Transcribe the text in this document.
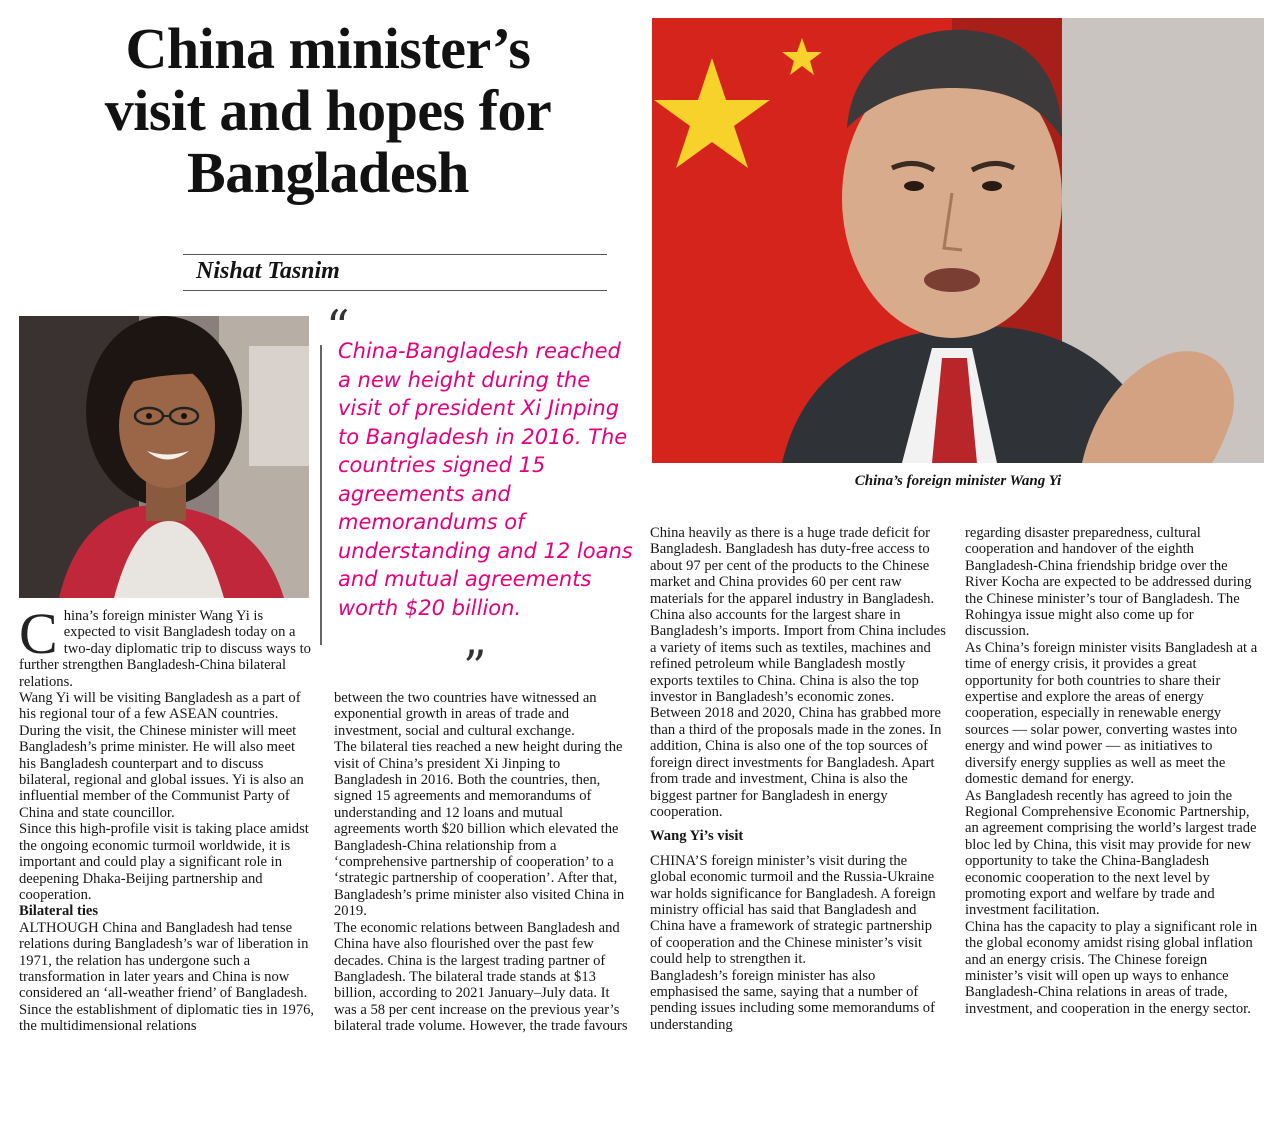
China minister’s
visit and hopes for
Bangladesh
Nishat Tasnim
China’s foreign minister Wang Yi
“
China-Bangladesh reached a new height during the visit of president Xi Jinping to Bangladesh in 2016. The countries signed 15 agreements and memorandums of understanding and 12 loans and mutual agreements worth $20 billion.
”

China’s foreign minister Wang Yi is expected to visit Bangladesh today on a two-day diplomatic trip to discuss ways to further strengthen Bangladesh-China bilateral relations.

Wang Yi will be visiting Bangladesh as a part of his regional tour of a few ASEAN countries. During the visit, the Chinese minister will meet Bangladesh’s prime minister. He will also meet his Bangladesh counterpart and to discuss bilateral, regional and global issues. Yi is also an influential member of the Communist Party of China and state councillor.

Since this high-profile visit is taking place amidst the ongoing economic turmoil worldwide, it is important and could play a significant role in deepening Dhaka-Beijing partnership and cooperation.

Bilateral ties

ALTHOUGH China and Bangladesh had tense relations during Bangladesh’s war of liberation in 1971, the relation has undergone such a transformation in later years and China is now considered an ‘all-weather friend’ of Bangladesh. Since the establishment of diplomatic ties in 1976, the multidimensional relations

between the two countries have witnessed an exponential growth in areas of trade and investment, social and cultural exchange.

The bilateral ties reached a new height during the visit of China’s president Xi Jinping to Bangladesh in 2016. Both the countries, then, signed 15 agreements and memorandums of understanding and 12 loans and mutual agreements worth $20 billion which elevated the Bangladesh-China relationship from a ‘comprehensive partnership of cooperation’ to a ‘strategic partnership of cooperation’. After that, Bangladesh’s prime minister also visited China in 2019.

The economic relations between Bangladesh and China have also flourished over the past few decades. China is the largest trading partner of Bangladesh. The bilateral trade stands at $13 billion, according to 2021 January–July data. It was a 58 per cent increase on the previous year’s bilateral trade volume. However, the trade favours

China heavily as there is a huge trade deficit for Bangladesh. Bangladesh has duty-free access to about 97 per cent of the products to the Chinese market and China provides 60 per cent raw materials for the apparel industry in Bangladesh.

China also accounts for the largest share in Bangladesh’s imports. Import from China includes a variety of items such as textiles, machines and refined petroleum while Bangladesh mostly exports textiles to China. China is also the top investor in Bangladesh’s economic zones. Between 2018 and 2020, China has grabbed more than a third of the proposals made in the zones. In addition, China is also one of the top sources of foreign direct investments for Bangladesh. Apart from trade and investment, China is also the biggest partner for Bangladesh in energy cooperation.

Wang Yi’s visit

CHINA’S foreign minister’s visit during the global economic turmoil and the Russia-Ukraine war holds significance for Bangladesh. A foreign ministry official has said that Bangladesh and China have a framework of strategic partnership of cooperation and the Chinese minister’s visit could help to strengthen it.

Bangladesh’s foreign minister has also emphasised the same, saying that a number of pending issues including some memorandums of understanding

regarding disaster preparedness, cultural cooperation and handover of the eighth Bangladesh-China friendship bridge over the River Kocha are expected to be addressed during the Chinese minister’s tour of Bangladesh. The Rohingya issue might also come up for discussion.

As China’s foreign minister visits Bangladesh at a time of energy crisis, it provides a great opportunity for both countries to share their expertise and explore the areas of energy cooperation, especially in renewable energy sources — solar power, converting wastes into energy and wind power — as initiatives to diversify energy supplies as well as meet the domestic demand for energy.

As Bangladesh recently has agreed to join the Regional Comprehensive Economic Partnership, an agreement comprising the world’s largest trade bloc led by China, this visit may provide for new opportunity to take the China-Bangladesh economic cooperation to the next level by promoting export and welfare by trade and investment facilitation.

China has the capacity to play a significant role in the global economy amidst rising global inflation and an energy crisis. The Chinese foreign minister’s visit will open up ways to enhance Bangladesh-China relations in areas of trade, investment, and cooperation in the energy sector.
